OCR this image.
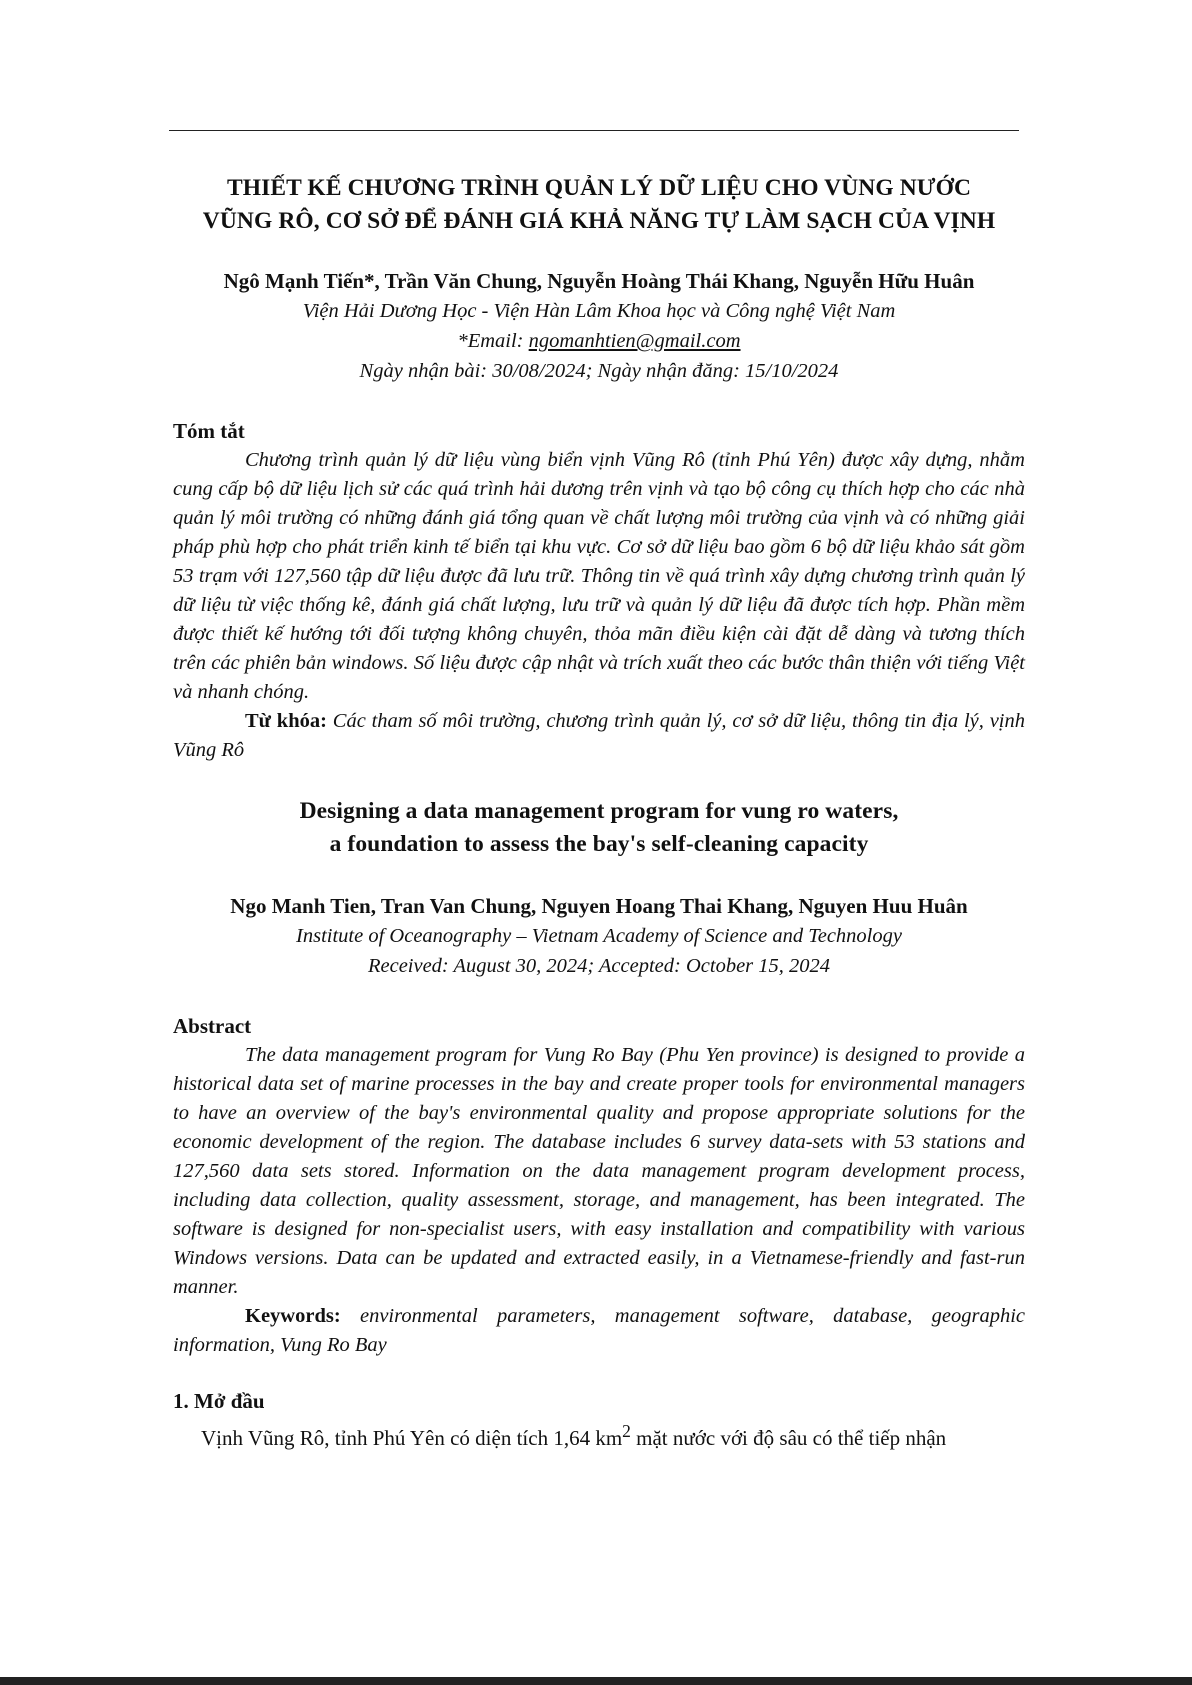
THIẾT KẾ CHƯƠNG TRÌNH QUẢN LÝ DỮ LIỆU CHO VÙNG NƯỚC
VŨNG RÔ, CƠ SỞ ĐỂ ĐÁNH GIÁ KHẢ NĂNG TỰ LÀM SẠCH CỦA VỊNH

Ngô Mạnh Tiến*, Trần Văn Chung, Nguyễn Hoàng Thái Khang, Nguyễn Hữu Huân

Viện Hải Dương Học - Viện Hàn Lâm Khoa học và Công nghệ Việt Nam

*Email: ngomanhtien@gmail.com

Ngày nhận bài: 30/08/2024; Ngày nhận đăng: 15/10/2024

Tóm tắt

Chương trình quản lý dữ liệu vùng biển vịnh Vũng Rô (tỉnh Phú Yên) được xây dựng, nhằm cung cấp bộ dữ liệu lịch sử các quá trình hải dương trên vịnh và tạo bộ công cụ thích hợp cho các nhà quản lý môi trường có những đánh giá tổng quan về chất lượng môi trường của vịnh và có những giải pháp phù hợp cho phát triển kinh tế biển tại khu vực. Cơ sở dữ liệu bao gồm 6 bộ dữ liệu khảo sát gồm 53 trạm với 127,560 tập dữ liệu được đã lưu trữ. Thông tin về quá trình xây dựng chương trình quản lý dữ liệu từ việc thống kê, đánh giá chất lượng, lưu trữ và quản lý dữ liệu đã được tích hợp. Phần mềm được thiết kế hướng tới đối tượng không chuyên, thỏa mãn điều kiện cài đặt dễ dàng và tương thích trên các phiên bản windows. Số liệu được cập nhật và trích xuất theo các bước thân thiện với tiếng Việt và nhanh chóng.

Từ khóa: Các tham số môi trường, chương trình quản lý, cơ sở dữ liệu, thông tin địa lý, vịnh Vũng Rô

Designing a data management program for vung ro waters,
a foundation to assess the bay's self-cleaning capacity

Ngo Manh Tien, Tran Van Chung, Nguyen Hoang Thai Khang, Nguyen Huu Huân

Institute of Oceanography – Vietnam Academy of Science and Technology

Received: August 30, 2024; Accepted: October 15, 2024

Abstract

The data management program for Vung Ro Bay (Phu Yen province) is designed to provide a historical data set of marine processes in the bay and create proper tools for environmental managers to have an overview of the bay's environmental quality and propose appropriate solutions for the economic development of the region. The database includes 6 survey data-sets with 53 stations and 127,560 data sets stored. Information on the data management program development process, including data collection, quality assessment, storage, and management, has been integrated. The software is designed for non-specialist users, with easy installation and compatibility with various Windows versions. Data can be updated and extracted easily, in a Vietnamese-friendly and fast-run manner.

Keywords: environmental parameters, management software, database, geographic information, Vung Ro Bay

1. Mở đầu

Vịnh Vũng Rô, tỉnh Phú Yên có diện tích 1,64 $km^2$ mặt nước với độ sâu có thể tiếp nhận
